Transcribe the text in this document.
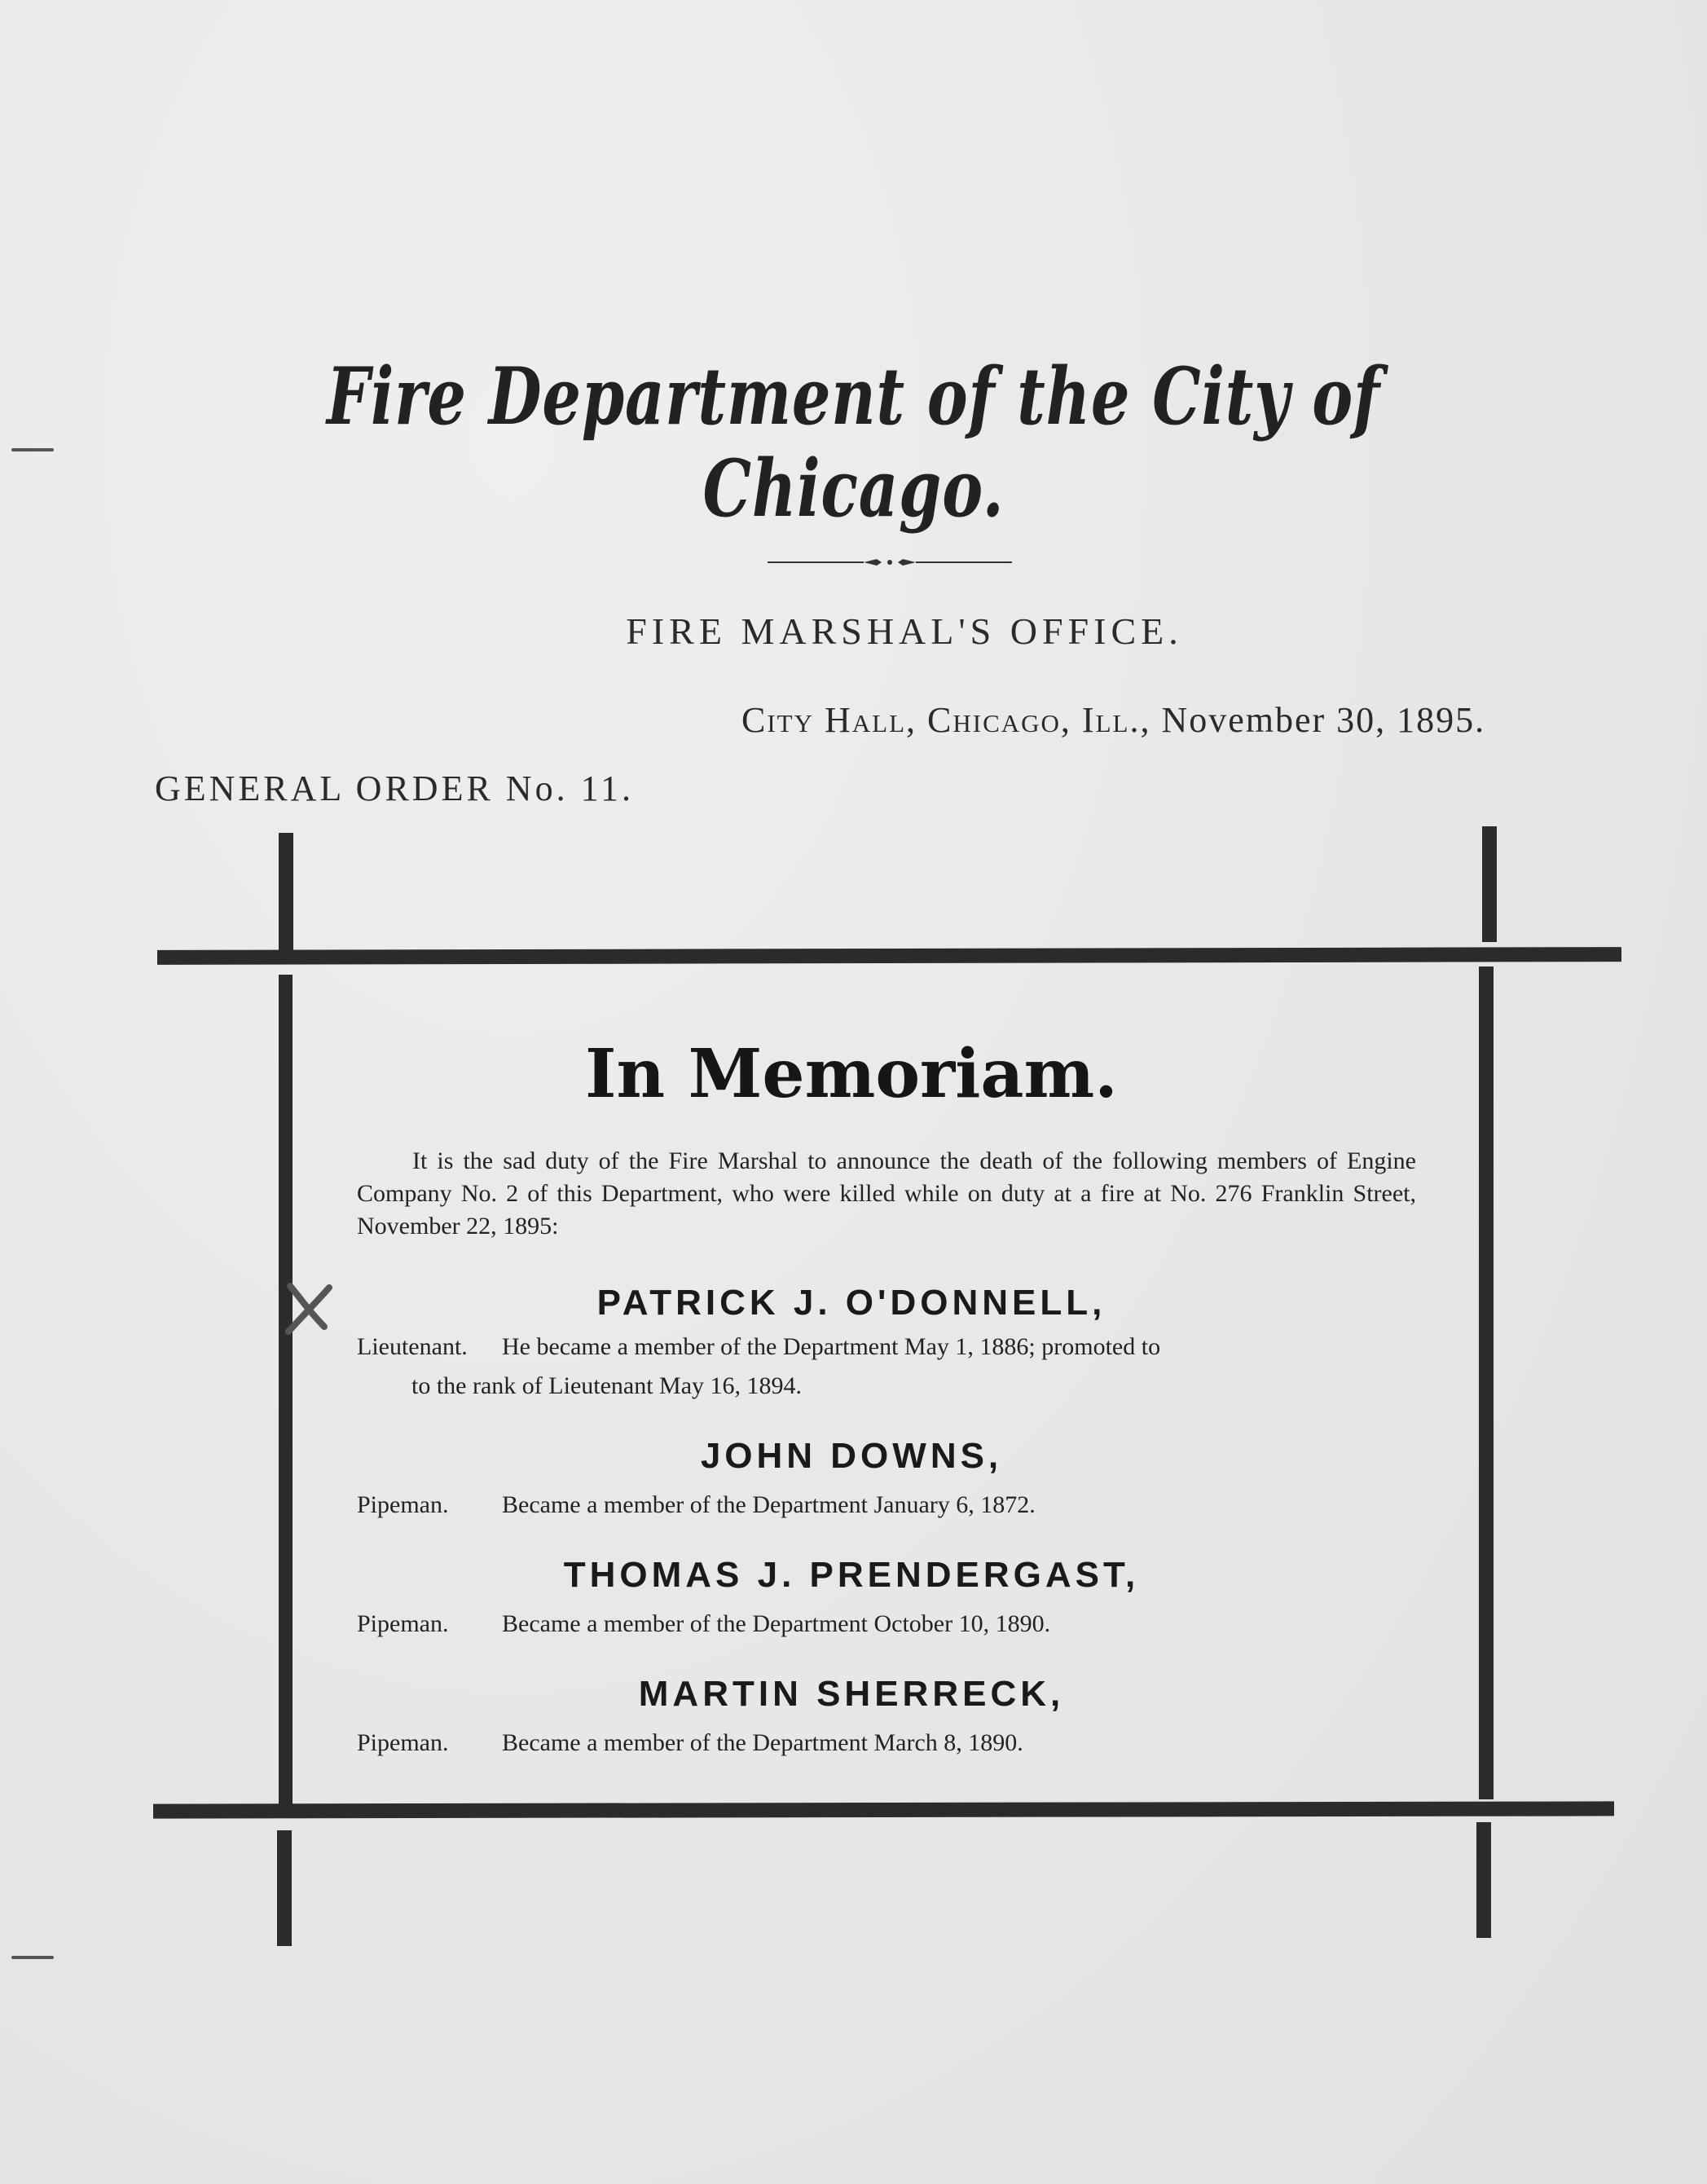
Fire Department of the City of Chicago.
FIRE MARSHAL'S OFFICE.
City Hall, Chicago, Ill., November 30, 1895.
GENERAL ORDER No. 11.
In Memoriam.
It is the sad duty of the Fire Marshal to announce the death of the following members of Engine Company No. 2 of this Department, who were killed while on duty at a fire at No. 276 Franklin Street, November 22, 1895:
PATRICK J. O'DONNELL,
Lieutenant. He became a member of the Department May 1, 1886; promoted to
to the rank of Lieutenant May 16, 1894.
JOHN DOWNS,
Pipeman. Became a member of the Department January 6, 1872.
THOMAS J. PRENDERGAST,
Pipeman. Became a member of the Department October 10, 1890.
MARTIN SHERRECK,
Pipeman. Became a member of the Department March 8, 1890.
